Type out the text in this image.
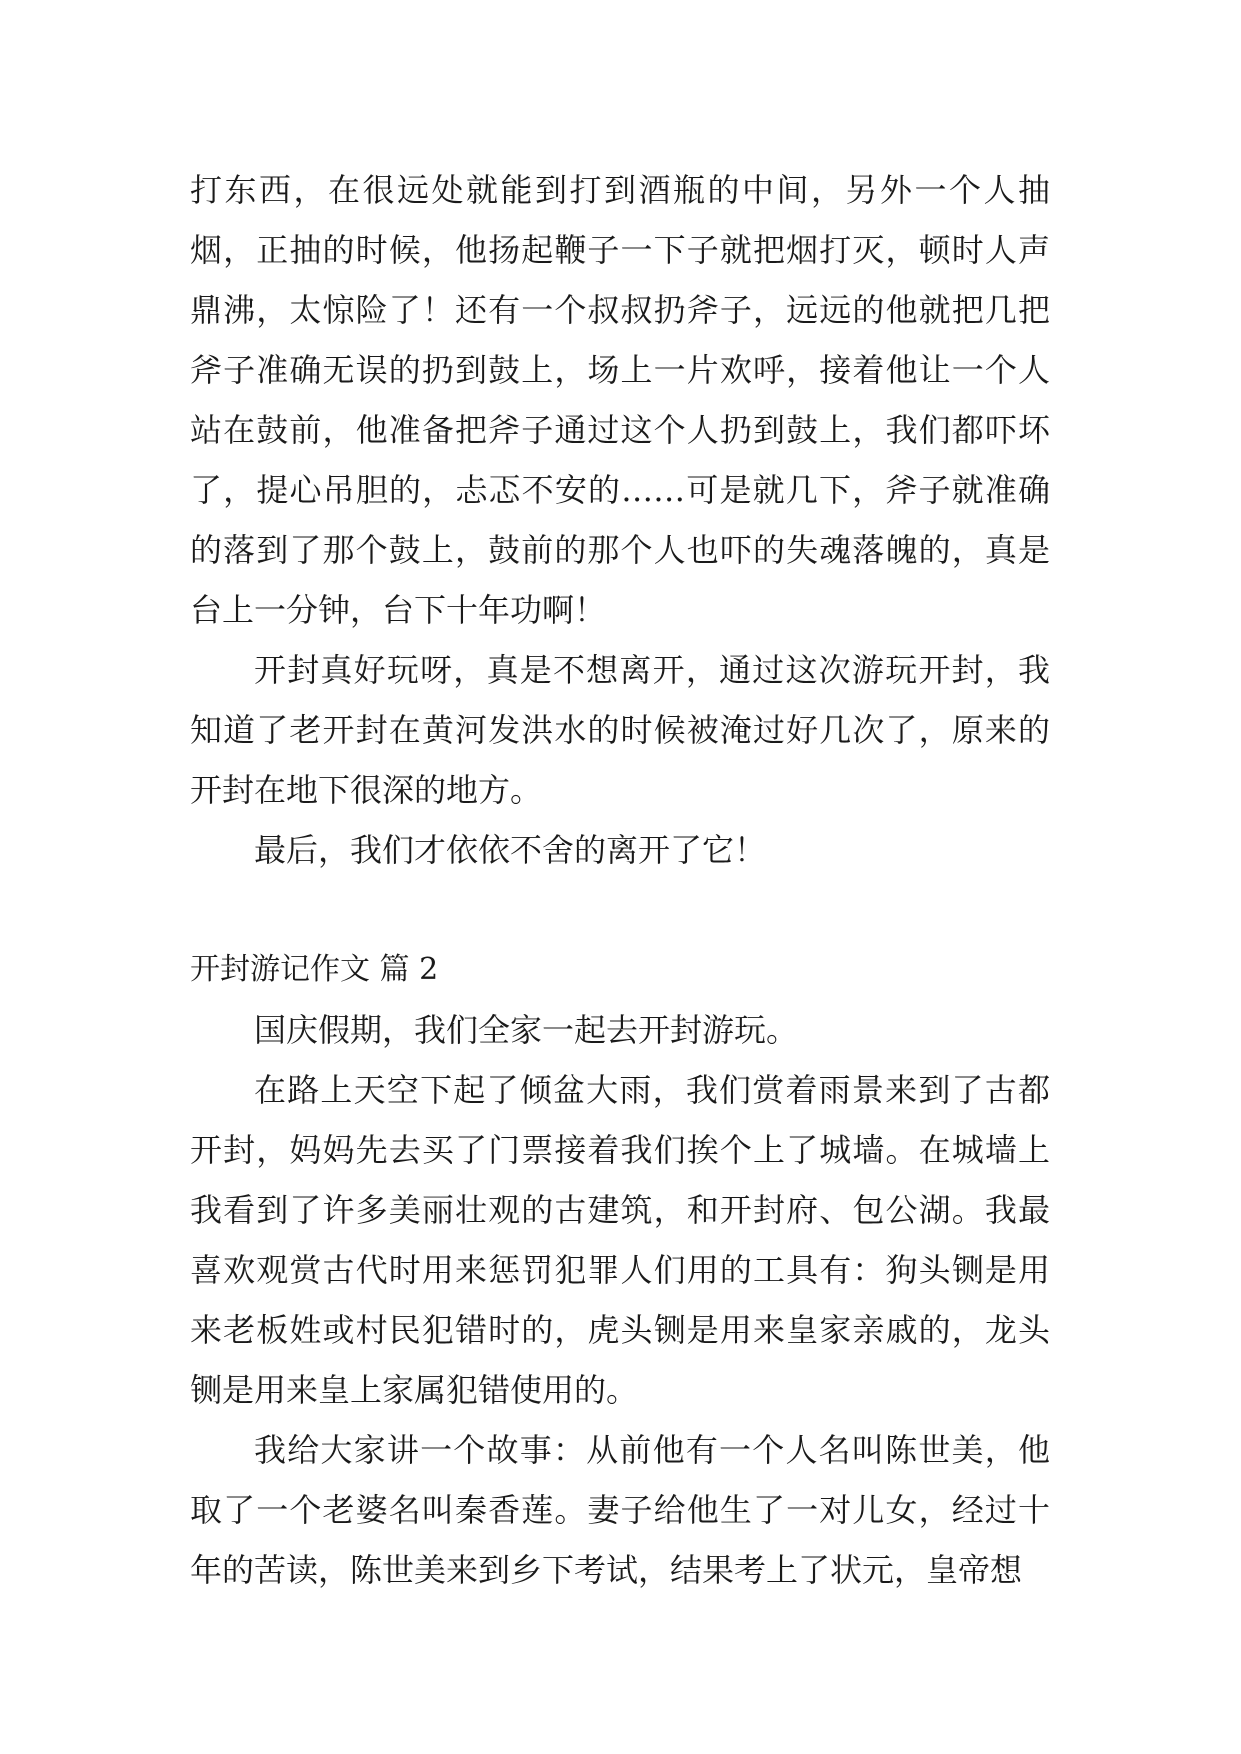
打东西，在很远处就能到打到酒瓶的中间，另外一个人抽烟，正抽的时候，他扬起鞭子一下子就把烟打灭，顿时人声鼎沸，太惊险了！还有一个叔叔扔斧子，远远的他就把几把斧子准确无误的扔到鼓上，场上一片欢呼，接着他让一个人站在鼓前，他准备把斧子通过这个人扔到鼓上，我们都吓坏了，提心吊胆的，忐忑不安的……可是就几下，斧子就准确的落到了那个鼓上，鼓前的那个人也吓的失魂落魄的，真是台上一分钟，台下十年功啊！

开封真好玩呀，真是不想离开，通过这次游玩开封，我知道了老开封在黄河发洪水的时候被淹过好几次了，原来的开封在地下很深的地方。

最后，我们才依依不舍的离开了它！

开封游记作文 篇 2

国庆假期，我们全家一起去开封游玩。

在路上天空下起了倾盆大雨，我们赏着雨景来到了古都开封，妈妈先去买了门票接着我们挨个上了城墙。在城墙上我看到了许多美丽壮观的古建筑，和开封府、包公湖。我最喜欢观赏古代时用来惩罚犯罪人们用的工具有：狗头铡是用来老板姓或村民犯错时的，虎头铡是用来皇家亲戚的，龙头铡是用来皇上家属犯错使用的。

我给大家讲一个故事：从前他有一个人名叫陈世美，他取了一个老婆名叫秦香莲。妻子给他生了一对儿女，经过十年的苦读，陈世美来到乡下考试，结果考上了状元，皇帝想
